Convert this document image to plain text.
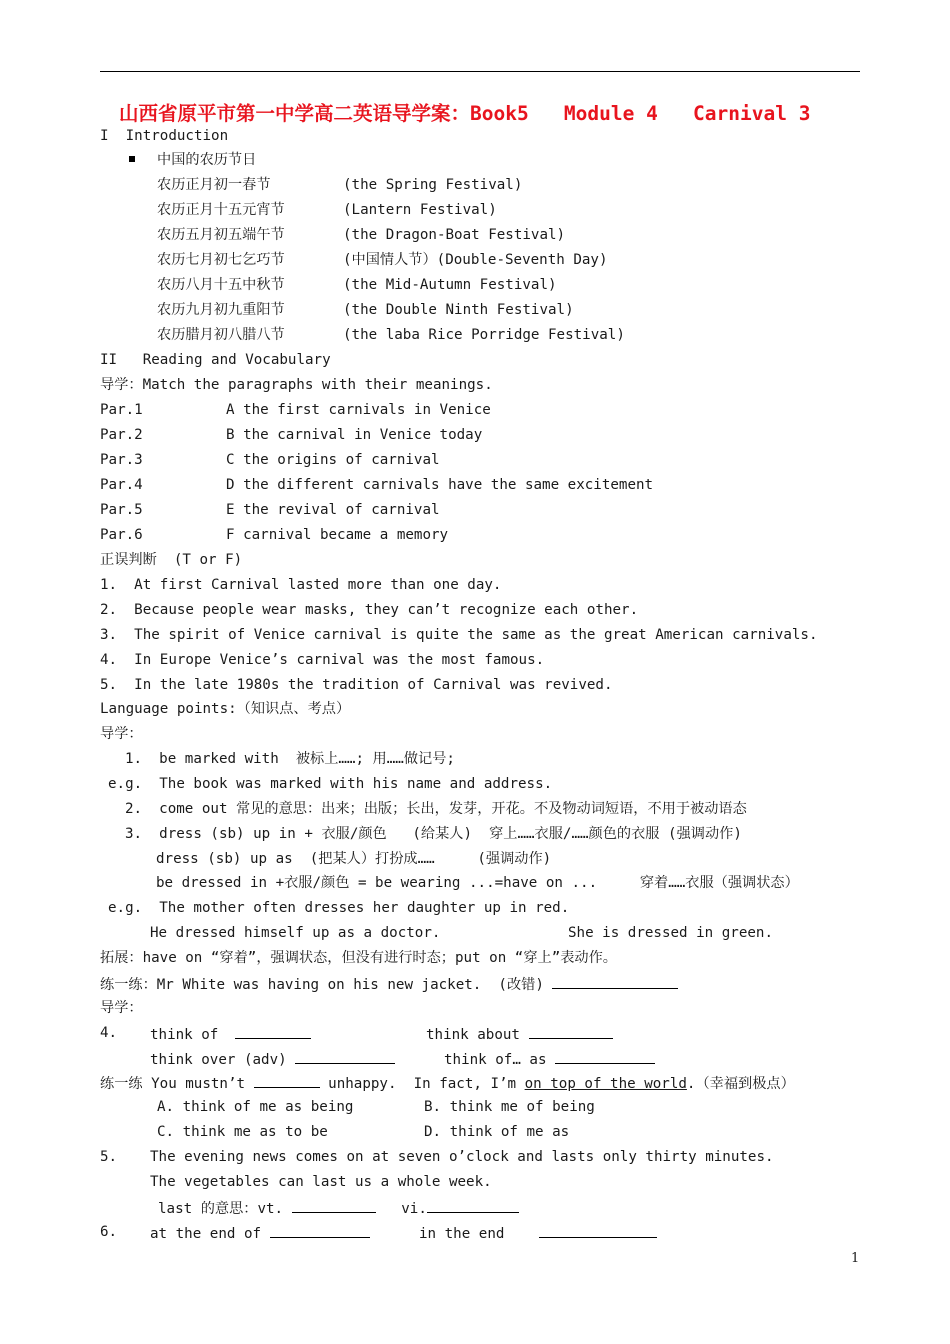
山西省原平市第一中学高二英语导学案：Book5   Module 4   Carnival 3
I  Introduction
中国的农历节日
农历正月初一春节	(the Spring Festival)
农历正月十五元宵节	(Lantern Festival)
农历五月初五端午节	(the Dragon-Boat Festival)
农历七月初七乞巧节	(中国情人节）(Double-Seventh Day)
农历八月十五中秋节	(the Mid-Autumn Festival)
农历九月初九重阳节	(the Double Ninth Festival)
农历腊月初八腊八节	(the laba Rice Porridge Festival)
II   Reading and Vocabulary
导学：Match the paragraphs with their meanings.
Par.1	A the first carnivals in Venice
Par.2	B the carnival in Venice today
Par.3	C the origins of carnival
Par.4	D the different carnivals have the same excitement
Par.5	E the revival of carnival
Par.6	F carnival became a memory
正误判断  (T or F)
1.  At first Carnival lasted more than one day.
2.  Because people wear masks, they can’t recognize each other.
3.  The spirit of Venice carnival is quite the same as the great American carnivals.
4.  In Europe Venice’s carnival was the most famous.
5.  In the late 1980s the tradition of Carnival was revived.
Language points:（知识点、考点）
导学：
1.  be marked with  被标上……; 用……做记号;
e.g.  The book was marked with his name and address.
2.  come out 常见的意思：出来；出版；长出，发芽，开花。不及物动词短语，不用于被动语态
3.  dress (sb) up in + 衣服/颜色   (给某人)  穿上……衣服/……颜色的衣服 (强调动作)
dress (sb) up as  (把某人）打扮成……     (强调动作)
be dressed in +衣服/颜色 = be wearing ...=have on ...     穿着……衣服（强调状态）
e.g.  The mother often dresses her daughter up in red.
He dressed himself up as a doctor.	She is dressed in green.
拓展：have on “穿着”，强调状态，但没有进行时态；put on “穿上”表动作。
练一练：Mr White was having on his new jacket.  (改错)
导学：
4. think of	think about
think over (adv)	think of… as
练一练 You mustn’t	unhappy.  In fact, I’m on top of the world.（幸福到极点）
A. think of me as being	B. think me of being
C. think me as to be	D. think of me as
5. The evening news comes on at seven o’clock and lasts only thirty minutes.
The vegetables can last us a whole week.
last 的意思：vt.	vi.
6. at the end of	in the end
1
